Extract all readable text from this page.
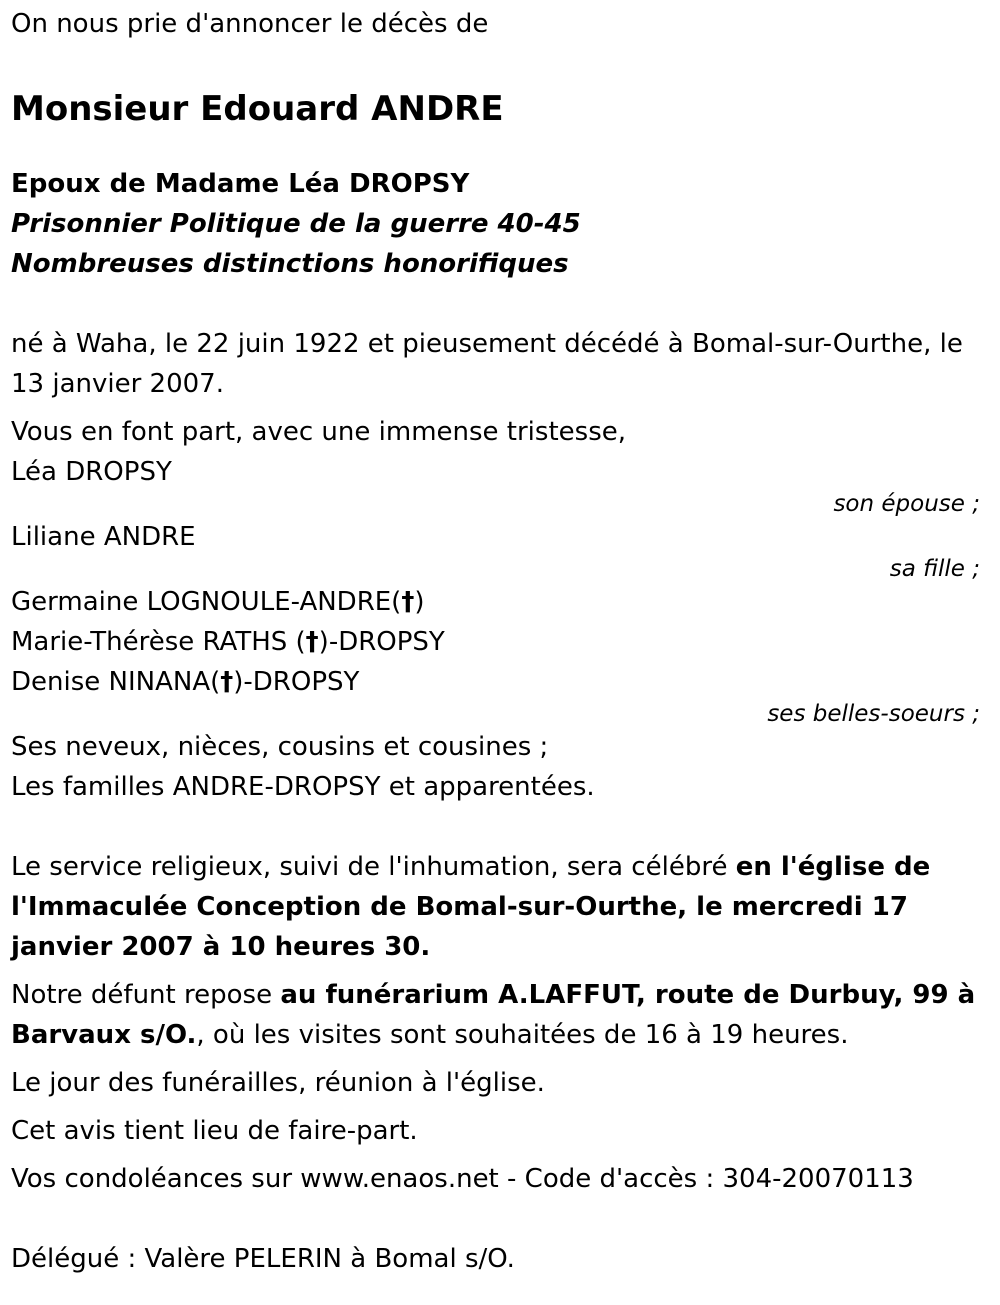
On nous prie d'annoncer le décès de

Monsieur Edouard ANDRE

Epoux de Madame Léa DROPSY

Prisonnier Politique de la guerre 40-45

Nombreuses distinctions honorifiques

né à Waha, le 22 juin 1922 et pieusement décédé à Bomal-sur-Ourthe, le 13 janvier 2007.

Vous en font part, avec une immense tristesse,

Léa DROPSY

son épouse ;

Liliane ANDRE

sa fille ;

Germaine LOGNOULE-ANDRE(†)

Marie-Thérèse RATHS (†)-DROPSY

Denise NINANA(†)-DROPSY

ses belles-soeurs ;

Ses neveux, nièces, cousins et cousines ;

Les familles ANDRE-DROPSY et apparentées.

Le service religieux, suivi de l'inhumation, sera célébré en l'église de l'Immaculée Conception de Bomal-sur-Ourthe, le mercredi 17 janvier 2007 à 10 heures 30.

Notre défunt repose au funérarium A.LAFFUT, route de Durbuy, 99 à Barvaux s/O., où les visites sont souhaitées de 16 à 19 heures.

Le jour des funérailles, réunion à l'église.

Cet avis tient lieu de faire-part.

Vos condoléances sur www.enaos.net - Code d'accès : 304-20070113

Délégué : Valère PELERIN à Bomal s/O.
